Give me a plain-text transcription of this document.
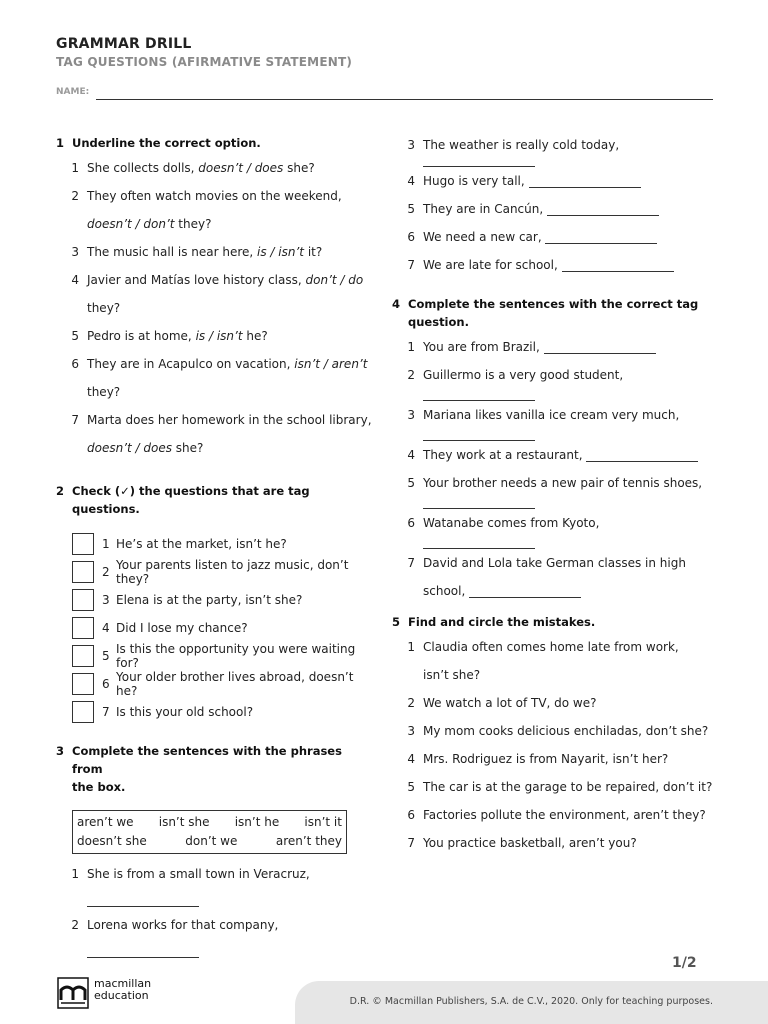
GRAMMAR DRILL
TAG QUESTIONS (AFIRMATIVE STATEMENT)
NAME:
1 Underline the correct option.
1 She collects dolls, doesn’t / does she?
2 They often watch movies on the weekend,
doesn’t / don’t they?
3 The music hall is near here, is / isn’t it?
4 Javier and Matías love history class, don’t / do
they?
5 Pedro is at home, is / isn’t he?
6 They are in Acapulco on vacation, isn’t / aren’t
they?
7 Marta does her homework in the school library,
doesn’t / does she?
2 Check (✓) the questions that are tag questions.
1 He’s at the market, isn’t he?
2 Your parents listen to jazz music, don’t they?
3 Elena is at the party, isn’t she?
4 Did I lose my chance?
5 Is this the opportunity you were waiting for?
6 Your older brother lives abroad, doesn’t he?
7 Is this your old school?
3 Complete the sentences with the phrases from
the box.
aren’t we isn’t she isn’t he isn’t it
doesn’t she	don’t we	aren’t they
1 She is from a small town in Veracruz,
2 Lorena works for that company,
3 The weather is really cold today,
4 Hugo is very tall,
5 They are in Cancún,
6 We need a new car,
7 We are late for school,
4 Complete the sentences with the correct tag
question.
1 You are from Brazil,
2 Guillermo is a very good student,
3 Mariana likes vanilla ice cream very much,
4 They work at a restaurant,
5 Your brother needs a new pair of tennis shoes,
6 Watanabe comes from Kyoto,
7 David and Lola take German classes in high
school,
5 Find and circle the mistakes.
1 Claudia often comes home late from work,
isn’t she?
2 We watch a lot of TV, do we?
3 My mom cooks delicious enchiladas, don’t she?
4 Mrs. Rodriguez is from Nayarit, isn’t her?
5 The car is at the garage to be repaired, don’t it?
6 Factories pollute the environment, aren’t they?
7 You practice basketball, aren’t you?
1/2
D.R. © Macmillan Publishers, S.A. de C.V., 2020. Only for teaching purposes.
macmillan
education
